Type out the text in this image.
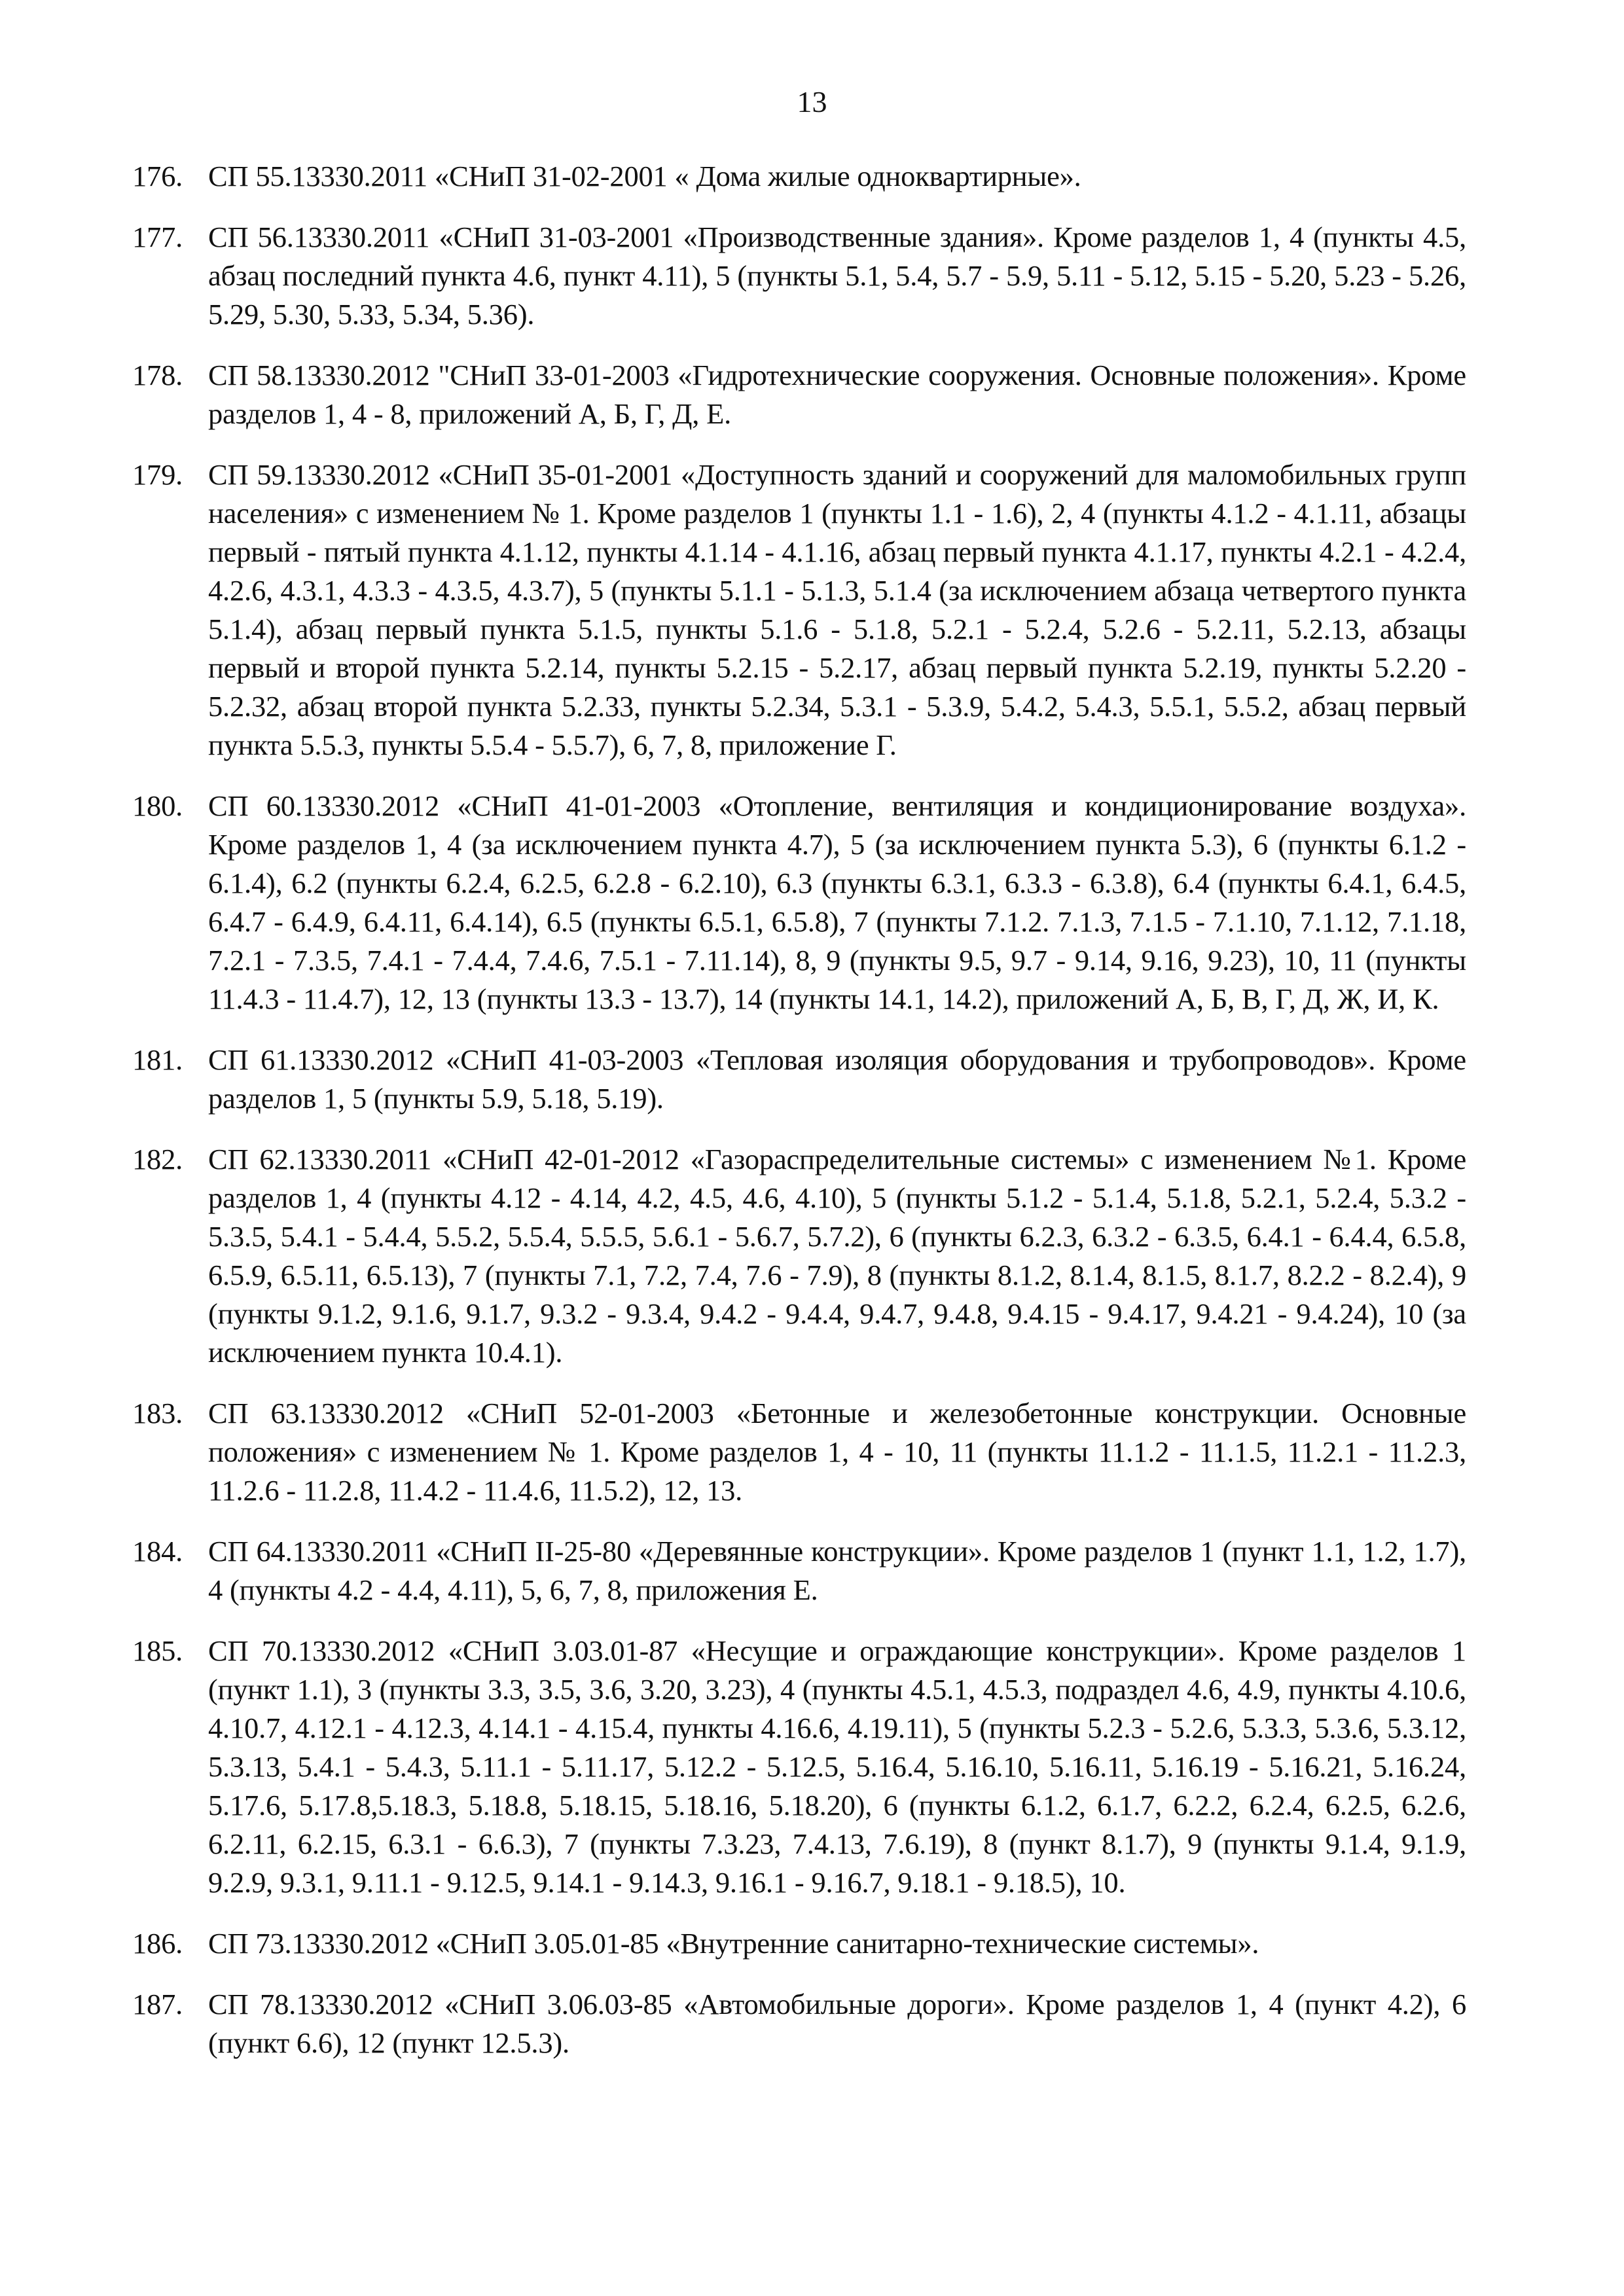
13
176. СП 55.13330.2011 «СНиП 31-02-2001 « Дома жилые одноквартирные».
177. СП 56.13330.2011 «СНиП 31-03-2001 «Производственные здания». Кроме разделов 1, 4 (пункты 4.5, абзац последний пункта 4.6, пункт 4.11), 5 (пункты 5.1, 5.4, 5.7 - 5.9, 5.11 - 5.12, 5.15 - 5.20, 5.23 - 5.26, 5.29, 5.30, 5.33, 5.34, 5.36).
178. СП 58.13330.2012 "СНиП 33-01-2003 «Гидротехнические сооружения. Основные положения». Кроме разделов 1, 4 - 8, приложений А, Б, Г, Д, Е.
179. СП 59.13330.2012 «СНиП 35-01-2001 «Доступность зданий и сооружений для маломобильных групп населения» с изменением № 1. Кроме разделов 1 (пункты 1.1 - 1.6), 2, 4 (пункты 4.1.2 - 4.1.11, абзацы первый - пятый пункта 4.1.12, пункты 4.1.14 - 4.1.16, абзац первый пункта 4.1.17, пункты 4.2.1 - 4.2.4, 4.2.6, 4.3.1, 4.3.3 - 4.3.5, 4.3.7), 5 (пункты 5.1.1 - 5.1.3, 5.1.4 (за исключением абзаца четвертого пункта 5.1.4), абзац первый пункта 5.1.5, пункты 5.1.6 - 5.1.8, 5.2.1 - 5.2.4, 5.2.6 - 5.2.11, 5.2.13, абзацы первый и второй пункта 5.2.14, пункты 5.2.15 - 5.2.17, абзац первый пункта 5.2.19, пункты 5.2.20 - 5.2.32, абзац второй пункта 5.2.33, пункты 5.2.34, 5.3.1 - 5.3.9, 5.4.2, 5.4.3, 5.5.1, 5.5.2, абзац первый пункта 5.5.3, пункты 5.5.4 - 5.5.7), 6, 7, 8, приложение Г.
180. СП 60.13330.2012 «СНиП 41-01-2003 «Отопление, вентиляция и кондиционирование воздуха». Кроме разделов 1, 4 (за исключением пункта 4.7), 5 (за исключением пункта 5.3), 6 (пункты 6.1.2 - 6.1.4), 6.2 (пункты 6.2.4, 6.2.5, 6.2.8 - 6.2.10), 6.3 (пункты 6.3.1, 6.3.3 - 6.3.8), 6.4 (пункты 6.4.1, 6.4.5, 6.4.7 - 6.4.9, 6.4.11, 6.4.14), 6.5 (пункты 6.5.1, 6.5.8), 7 (пункты 7.1.2. 7.1.3, 7.1.5 - 7.1.10, 7.1.12, 7.1.18, 7.2.1 - 7.3.5, 7.4.1 - 7.4.4, 7.4.6, 7.5.1 - 7.11.14), 8, 9 (пункты 9.5, 9.7 - 9.14, 9.16, 9.23), 10, 11 (пункты 11.4.3 - 11.4.7), 12, 13 (пункты 13.3 - 13.7), 14 (пункты 14.1, 14.2), приложений А, Б, В, Г, Д, Ж, И, К.
181. СП 61.13330.2012 «СНиП 41-03-2003 «Тепловая изоляция оборудования и трубопроводов». Кроме разделов 1, 5 (пункты 5.9, 5.18, 5.19).
182. СП 62.13330.2011 «СНиП 42-01-2012 «Газораспределительные системы» с изменением №1. Кроме разделов 1, 4 (пункты 4.12 - 4.14, 4.2, 4.5, 4.6, 4.10), 5 (пункты 5.1.2 - 5.1.4, 5.1.8, 5.2.1, 5.2.4, 5.3.2 - 5.3.5, 5.4.1 - 5.4.4, 5.5.2, 5.5.4, 5.5.5, 5.6.1 - 5.6.7, 5.7.2), 6 (пункты 6.2.3, 6.3.2 - 6.3.5, 6.4.1 - 6.4.4, 6.5.8, 6.5.9, 6.5.11, 6.5.13), 7 (пункты 7.1, 7.2, 7.4, 7.6 - 7.9), 8 (пункты 8.1.2, 8.1.4, 8.1.5, 8.1.7, 8.2.2 - 8.2.4), 9 (пункты 9.1.2, 9.1.6, 9.1.7, 9.3.2 - 9.3.4, 9.4.2 - 9.4.4, 9.4.7, 9.4.8, 9.4.15 - 9.4.17, 9.4.21 - 9.4.24), 10 (за исключением пункта 10.4.1).
183. СП 63.13330.2012 «СНиП 52-01-2003 «Бетонные и железобетонные конструкции. Основные положения» с изменением № 1. Кроме разделов 1, 4 - 10, 11 (пункты 11.1.2 - 11.1.5, 11.2.1 - 11.2.3, 11.2.6 - 11.2.8, 11.4.2 - 11.4.6, 11.5.2), 12, 13.
184. СП 64.13330.2011 «СНиП II-25-80 «Деревянные конструкции». Кроме разделов 1 (пункт 1.1, 1.2, 1.7), 4 (пункты 4.2 - 4.4, 4.11), 5, 6, 7, 8, приложения Е.
185. СП 70.13330.2012 «СНиП 3.03.01-87 «Несущие и ограждающие конструкции». Кроме разделов 1 (пункт 1.1), 3 (пункты 3.3, 3.5, 3.6, 3.20, 3.23), 4 (пункты 4.5.1, 4.5.3, подраздел 4.6, 4.9, пункты 4.10.6, 4.10.7, 4.12.1 - 4.12.3, 4.14.1 - 4.15.4, пункты 4.16.6, 4.19.11), 5 (пункты 5.2.3 - 5.2.6, 5.3.3, 5.3.6, 5.3.12, 5.3.13, 5.4.1 - 5.4.3, 5.11.1 - 5.11.17, 5.12.2 - 5.12.5, 5.16.4, 5.16.10, 5.16.11, 5.16.19 - 5.16.21, 5.16.24, 5.17.6, 5.17.8,5.18.3, 5.18.8, 5.18.15, 5.18.16, 5.18.20), 6 (пункты 6.1.2, 6.1.7, 6.2.2, 6.2.4, 6.2.5, 6.2.6, 6.2.11, 6.2.15, 6.3.1 - 6.6.3), 7 (пункты 7.3.23, 7.4.13, 7.6.19), 8 (пункт 8.1.7), 9 (пункты 9.1.4, 9.1.9, 9.2.9, 9.3.1, 9.11.1 - 9.12.5, 9.14.1 - 9.14.3, 9.16.1 - 9.16.7, 9.18.1 - 9.18.5), 10.
186. СП 73.13330.2012 «СНиП 3.05.01-85 «Внутренние санитарно-технические системы».
187. СП 78.13330.2012 «СНиП 3.06.03-85 «Автомобильные дороги». Кроме разделов 1, 4 (пункт 4.2), 6 (пункт 6.6), 12 (пункт 12.5.3).
